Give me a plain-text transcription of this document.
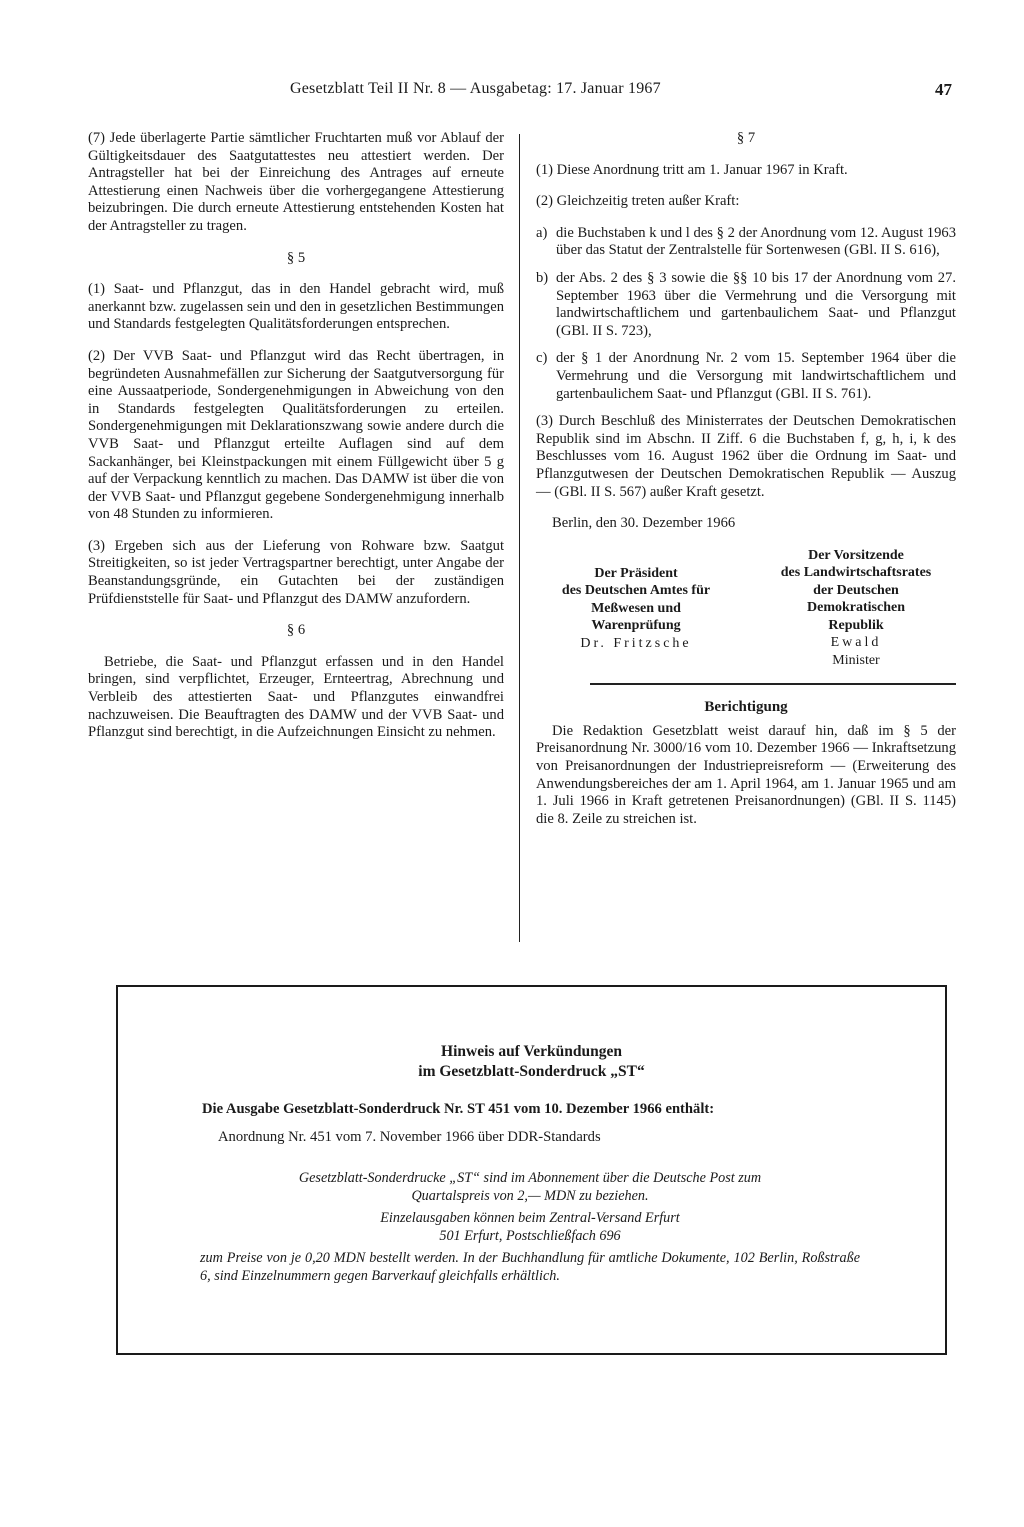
Gesetzblatt Teil II Nr. 8 — Ausgabetag: 17. Januar 1967	47

(7) Jede überlagerte Partie sämtlicher Fruchtarten muß vor Ablauf der Gültigkeitsdauer des Saatgutattestes neu attestiert werden. Der Antragsteller hat bei der Einreichung des Antrages auf erneute Attestierung einen Nachweis über die vorhergegangene Attestierung beizubringen. Die durch erneute Attestierung entstehenden Kosten hat der Antragsteller zu tragen.

§ 5

(1) Saat- und Pflanzgut, das in den Handel gebracht wird, muß anerkannt bzw. zugelassen sein und den in gesetzlichen Bestimmungen und Standards festgelegten Qualitätsforderungen entsprechen.

(2) Der VVB Saat- und Pflanzgut wird das Recht übertragen, in begründeten Ausnahmefällen zur Sicherung der Saatgutversorgung für eine Aussaatperiode, Sondergenehmigungen in Abweichung von den in Standards festgelegten Qualitätsforderungen zu erteilen. Sondergenehmigungen mit Deklarationszwang sowie andere durch die VVB Saat- und Pflanzgut erteilte Auflagen sind auf dem Sackanhänger, bei Kleinstpackungen mit einem Füllgewicht über 5 g auf der Verpackung kenntlich zu machen. Das DAMW ist über die von der VVB Saat- und Pflanzgut gegebene Sondergenehmigung innerhalb von 48 Stunden zu informieren.

(3) Ergeben sich aus der Lieferung von Rohware bzw. Saatgut Streitigkeiten, so ist jeder Vertragspartner berechtigt, unter Angabe der Beanstandungsgründe, ein Gutachten bei der zuständigen Prüfdienststelle für Saat- und Pflanzgut des DAMW anzufordern.

§ 6

Betriebe, die Saat- und Pflanzgut erfassen und in den Handel bringen, sind verpflichtet, Erzeuger, Ernteertrag, Abrechnung und Verbleib des attestierten Saat- und Pflanzgutes einwandfrei nachzuweisen. Die Beauftragten des DAMW und der VVB Saat- und Pflanzgut sind berechtigt, in die Aufzeichnungen Einsicht zu nehmen.

§ 7

(1) Diese Anordnung tritt am 1. Januar 1967 in Kraft.

(2) Gleichzeitig treten außer Kraft:

a) die Buchstaben k und l des § 2 der Anordnung vom 12. August 1963 über das Statut der Zentralstelle für Sortenwesen (GBl. II S. 616),
b) der Abs. 2 des § 3 sowie die §§ 10 bis 17 der Anordnung vom 27. September 1963 über die Vermehrung und die Versorgung mit landwirtschaftlichem und gartenbaulichem Saat- und Pflanzgut (GBl. II S. 723),
c) der § 1 der Anordnung Nr. 2 vom 15. September 1964 über die Vermehrung und die Versorgung mit landwirtschaftlichem und gartenbaulichem Saat- und Pflanzgut (GBl. II S. 761).

(3) Durch Beschluß des Ministerrates der Deutschen Demokratischen Republik sind im Abschn. II Ziff. 6 die Buchstaben f, g, h, i, k des Beschlusses vom 16. August 1962 über die Ordnung im Saat- und Pflanzgutwesen der Deutschen Demokratischen Republik — Auszug — (GBl. II S. 567) außer Kraft gesetzt.

Berlin, den 30. Dezember 1966

Der Präsident
des Deutschen Amtes für
Meßwesen und
Warenprüfung
Dr. Fritzsche
Der Vorsitzende
des Landwirtschaftsrates
der Deutschen
Demokratischen
Republik
Ewald
Minister
Berichtigung

Die Redaktion Gesetzblatt weist darauf hin, daß im § 5 der Preisanordnung Nr. 3000/16 vom 10. Dezember 1966 — Inkraftsetzung von Preisanordnungen der Industriepreisreform — (Erweiterung des Anwendungsbereiches der am 1. April 1964, am 1. Januar 1965 und am 1. Juli 1966 in Kraft getretenen Preisanordnungen) (GBl. II S. 1145) die 8. Zeile zu streichen ist.

Hinweis auf Verkündungen
im Gesetzblatt-Sonderdruck „ST“
Die Ausgabe Gesetzblatt-Sonderdruck Nr. ST 451 vom 10. Dezember 1966 enthält:
Anordnung Nr. 451 vom 7. November 1966 über DDR-Standards
Gesetzblatt-Sonderdrucke „ST“ sind im Abonnement über die Deutsche Post zum
Quartalspreis von 2,— MDN zu beziehen.
Einzelausgaben können beim Zentral-Versand Erfurt
501 Erfurt, Postschließfach 696
zum Preise von je 0,20 MDN bestellt werden. In der Buchhandlung für amtliche Dokumente, 102 Berlin, Roßstraße 6, sind Einzelnummern gegen Barverkauf gleichfalls erhältlich.
